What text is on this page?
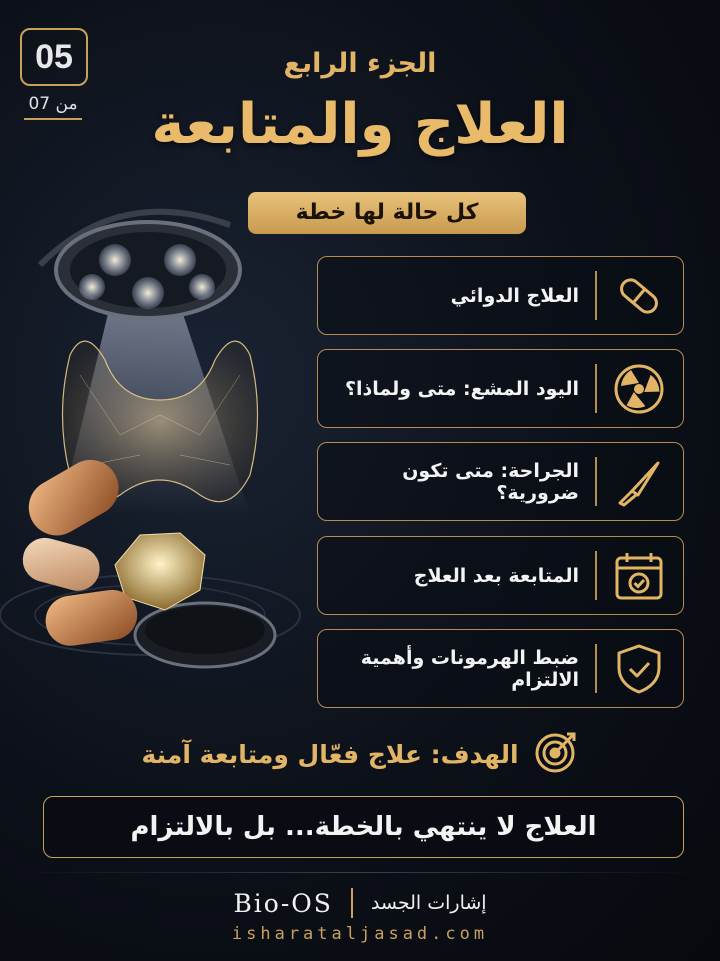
05
من 07
الجزء الرابع
العلاج والمتابعة
كل حالة لها خطة
العلاج الدوائي
اليود المشع: متى ولماذا؟
الجراحة: متى تكون ضرورية؟
المتابعة بعد العلاج
ضبط الهرمونات وأهمية الالتزام
الهدف: علاج فعّال ومتابعة آمنة
العلاج لا ينتهي بالخطة... بل بالالتزام
Bio-OS إشارات الجسد
isharataljasad.com
